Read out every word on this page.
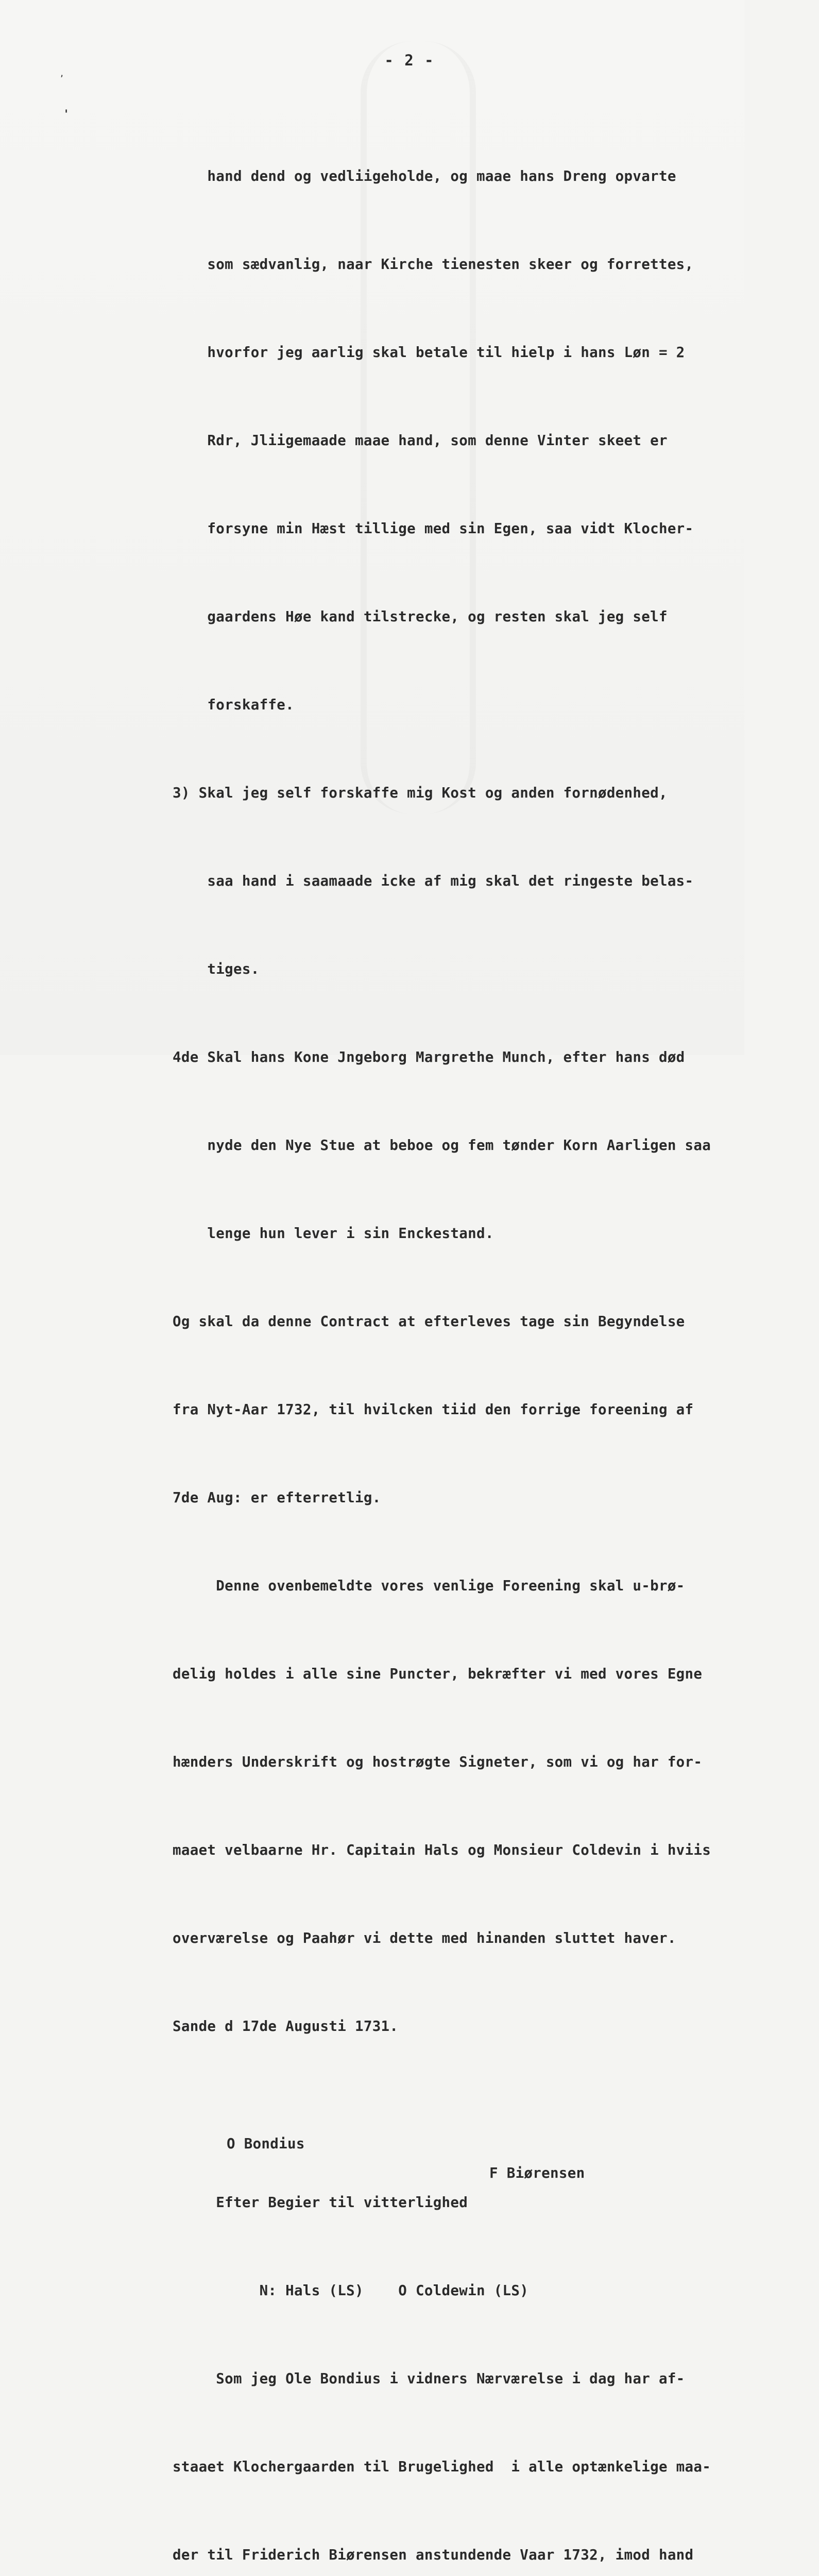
,
'
- 2 -

hand dend og vedliigeholde, og maae hans Dreng opvarte

som sædvanlig, naar Kirche tienesten skeer og forrettes,

hvorfor jeg aarlig skal betale til hielp i hans Løn = 2

Rdr, Jliigemaade maae hand, som denne Vinter skeet er

forsyne min Hæst tillige med sin Egen, saa vidt Klocher-

gaardens Høe kand tilstrecke, og resten skal jeg self

forskaffe.

3) Skal jeg self forskaffe mig Kost og anden fornødenhed,

saa hand i saamaade icke af mig skal det ringeste belas-

tiges.

4de Skal hans Kone Jngeborg Margrethe Munch, efter hans død

nyde den Nye Stue at beboe og fem tønder Korn Aarligen saa

lenge hun lever i sin Enckestand.

Og skal da denne Contract at efterleves tage sin Begyndelse

fra Nyt-Aar 1732, til hvilcken tiid den forrige foreening af

7de Aug: er efterretlig.

Denne ovenbemeldte vores venlige Foreening skal u-brø-

delig holdes i alle sine Puncter, bekræfter vi med vores Egne

hænders Underskrift og hostrøgte Signeter, som vi og har for-

maaet velbaarne Hr. Capitain Hals og Monsieur Coldevin i hviis

overværelse og Paahør vi dette med hinanden sluttet haver.

Sande d 17de Augusti 1731.

O Bondius

F Biørensen

Efter Begier til vitterlighed

N: Hals (LS)    O Coldewin (LS)

Som jeg Ole Bondius i vidners Nærværelse i dag har af-

staaet Klochergaarden til Brugelighed  i alle optænkelige maa-

der til Friderich Biørensen anstundende Vaar 1732, imod hand
